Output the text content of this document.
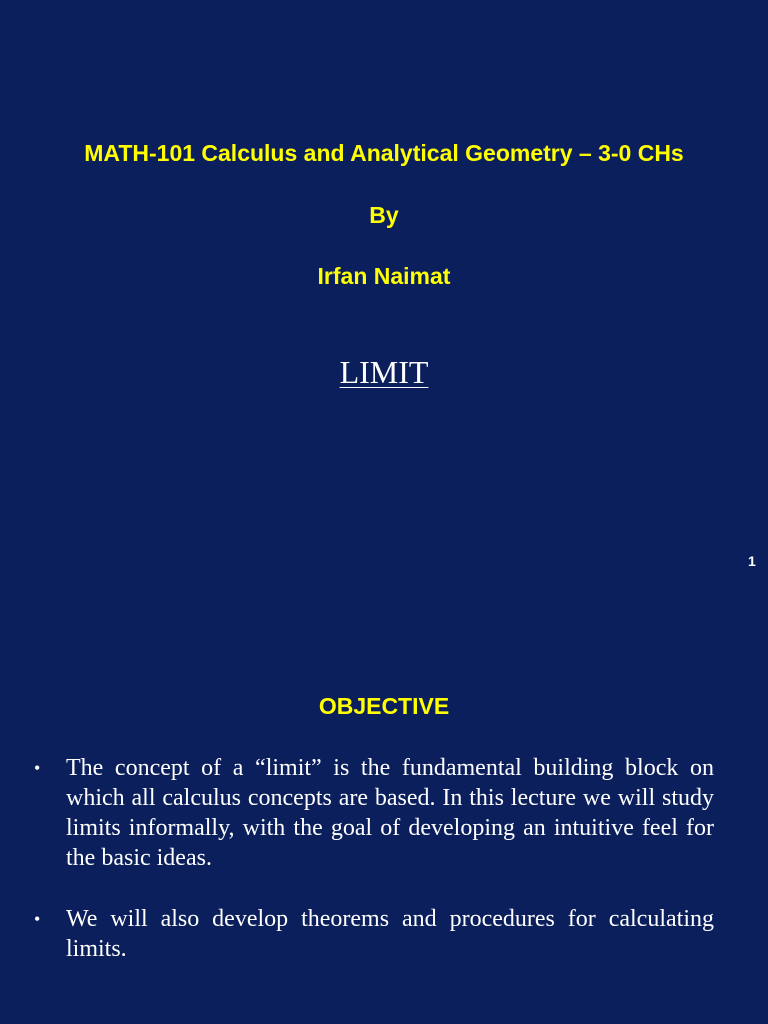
MATH-101 Calculus and Analytical Geometry – 3-0 CHs
By
Irfan Naimat
LIMIT
1
OBJECTIVE
• The concept of a “limit” is the fundamental building block on which all calculus concepts are based. In this lecture we will study limits informally, with the goal of developing an intuitive feel for the basic ideas.
• We will also develop theorems and procedures for calculating limits.
